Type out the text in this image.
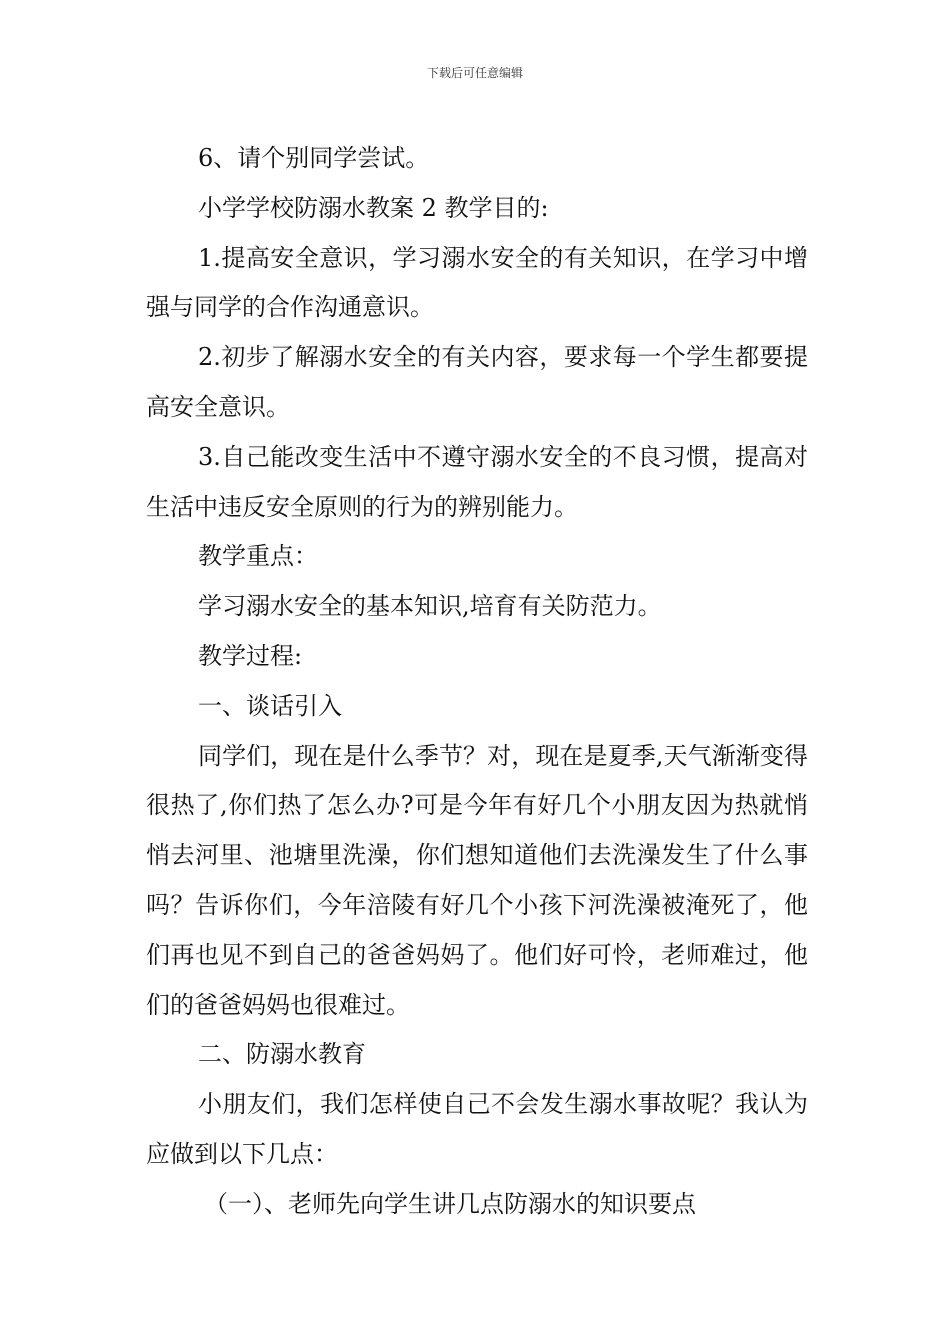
下载后可任意编辑

6、请个别同学尝试。

小学学校防溺水教案 2 教学目的:

1.提高安全意识，学习溺水安全的有关知识，在学习中增强与同学的合作沟通意识。

2.初步了解溺水安全的有关内容，要求每一个学生都要提高安全意识。

3.自己能改变生活中不遵守溺水安全的不良习惯，提高对生活中违反安全原则的行为的辨别能力。

教学重点：

学习溺水安全的基本知识,培育有关防范力。

教学过程:

一、谈话引入

同学们，现在是什么季节？对，现在是夏季,天气渐渐变得很热了,你们热了怎么办?可是今年有好几个小朋友因为热就悄悄去河里、池塘里洗澡，你们想知道他们去洗澡发生了什么事吗？告诉你们，今年涪陵有好几个小孩下河洗澡被淹死了，他们再也见不到自己的爸爸妈妈了。他们好可怜，老师难过，他们的爸爸妈妈也很难过。

二、防溺水教育

小朋友们，我们怎样使自己不会发生溺水事故呢？我认为应做到以下几点：

（一）、老师先向学生讲几点防溺水的知识要点
